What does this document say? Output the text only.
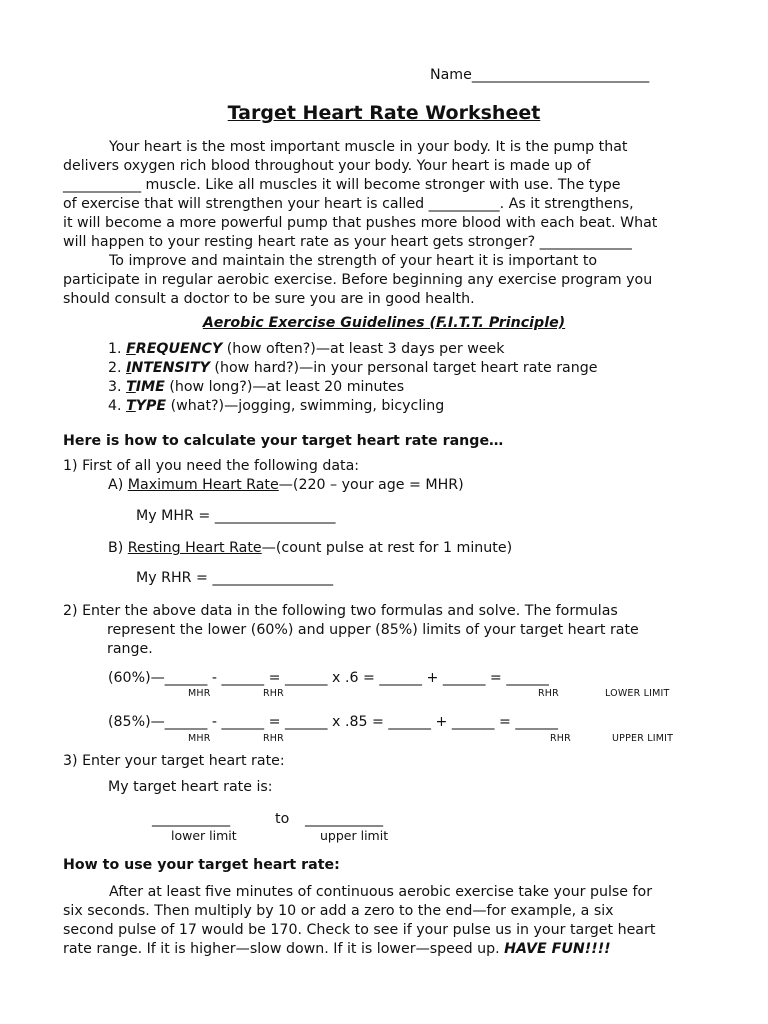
Name_________________________
Target Heart Rate Worksheet
Your heart is the most important muscle in your body. It is the pump that
delivers oxygen rich blood throughout your body. Your heart is made up of
___________ muscle. Like all muscles it will become stronger with use. The type
of exercise that will strengthen your heart is called __________. As it strengthens,
it will become a more powerful pump that pushes more blood with each beat. What
will happen to your resting heart rate as your heart gets stronger? _____________
To improve and maintain the strength of your heart it is important to
participate in regular aerobic exercise. Before beginning any exercise program you
should consult a doctor to be sure you are in good health.
Aerobic Exercise Guidelines (F.I.T.T. Principle)
1. FREQUENCY (how often?)—at least 3 days per week
2. INTENSITY (how hard?)—in your personal target heart rate range
3. TIME (how long?)—at least 20 minutes
4. TYPE (what?)—jogging, swimming, bicycling
Here is how to calculate your target heart rate range…
1) First of all you need the following data:
A) Maximum Heart Rate—(220 – your age = MHR)
My MHR = _________________
B) Resting Heart Rate—(count pulse at rest for 1 minute)
My RHR = _________________
2) Enter the above data in the following two formulas and solve. The formulas
represent the lower (60%) and upper (85%) limits of your target heart rate
range.
(60%)—______ - ______ = ______ x .6 = ______ + ______ = ______
MHR	RHR	RHR	LOWER LIMIT
(85%)—______ - ______ = ______ x .85 = ______ + ______ = ______
MHR	RHR	RHR	UPPER LIMIT
3) Enter your target heart rate:
My target heart rate is:
___________	to ___________
lower limit	upper limit
How to use your target heart rate:
After at least five minutes of continuous aerobic exercise take your pulse for
six seconds. Then multiply by 10 or add a zero to the end—for example, a six
second pulse of 17 would be 170. Check to see if your pulse us in your target heart
rate range. If it is higher—slow down. If it is lower—speed up. HAVE FUN!!!!
